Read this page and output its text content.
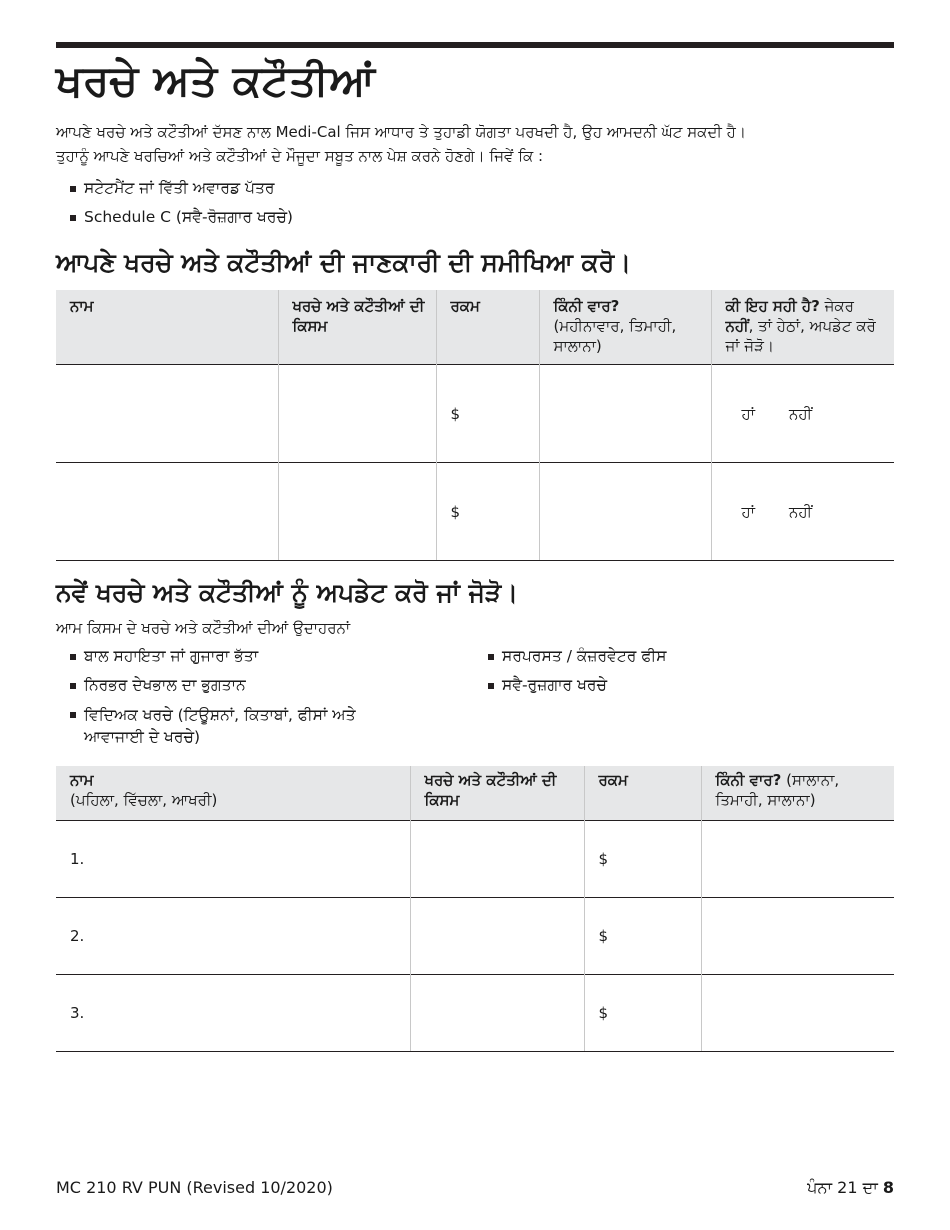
ਖਰਚੇ ਅਤੇ ਕਟੌਤੀਆਂ

ਆਪਣੇ ਖਰਚੇ ਅਤੇ ਕਟੌਤੀਆਂ ਦੱਸਣ ਨਾਲ Medi-Cal ਜਿਸ ਆਧਾਰ ਤੇ ਤੁਹਾਡੀ ਯੋਗਤਾ ਪਰਖਦੀ ਹੈ, ਉਹ ਆਮਦਨੀ ਘੱਟ ਸਕਦੀ ਹੈ।

ਤੁਹਾਨੂੰ ਆਪਣੇ ਖਰਚਿਆਂ ਅਤੇ ਕਟੌਤੀਆਂ ਦੇ ਮੌਜੂਦਾ ਸਬੂਤ ਨਾਲ ਪੇਸ਼ ਕਰਨੇ ਹੋਣਗੇ। ਜਿਵੇਂ ਕਿ :

ਸਟੇਟਮੈਂਟ ਜਾਂ ਵਿੱਤੀ ਅਵਾਰਡ ਪੱਤਰ
Schedule C (ਸਵੈ-ਰੋਜ਼ਗਾਰ ਖਰਚੇ)
ਆਪਣੇ ਖਰਚੇ ਅਤੇ ਕਟੌਤੀਆਂ ਦੀ ਜਾਣਕਾਰੀ ਦੀ ਸਮੀਖਿਆ ਕਰੋ।
ਨਾਮ	ਖਰਚੇ ਅਤੇ ਕਟੌਤੀਆਂ ਦੀ ਕਿਸਮ	ਰਕਮ	ਕਿੰਨੀ ਵਾਰ?
(ਮਹੀਨਾਵਾਰ, ਤਿਮਾਹੀ, ਸਾਲਾਨਾ)	ਕੀ ਇਹ ਸਹੀ ਹੈ? ਜੇਕਰ ਨਹੀਂ, ਤਾਂ ਹੇਠਾਂ, ਅਪਡੇਟ ਕਰੋ ਜਾਂ ਜੋੜੋ।
		$		ਹਾਂ ਨਹੀਂ
		$		ਹਾਂ ਨਹੀਂ
ਨਵੇਂ ਖਰਚੇ ਅਤੇ ਕਟੌਤੀਆਂ ਨੂੰ ਅਪਡੇਟ ਕਰੋ ਜਾਂ ਜੋੜੋ।
ਆਮ ਕਿਸਮ ਦੇ ਖਰਚੇ ਅਤੇ ਕਟੌਤੀਆਂ ਦੀਆਂ ਉਦਾਹਰਨਾਂ
ਬਾਲ ਸਹਾਇਤਾ ਜਾਂ ਗੁਜਾਰਾ ਭੱਤਾ
ਨਿਰਭਰ ਦੇਖਭਾਲ ਦਾ ਭੁਗਤਾਨ
ਵਿਦਿਅਕ ਖਰਚੇ (ਟਿਊਸ਼ਨਾਂ, ਕਿਤਾਬਾਂ, ਫੀਸਾਂ ਅਤੇ ਆਵਾਜਾਈ ਦੇ ਖਰਚੇ)
ਸਰਪਰਸਤ / ਕੰਜ਼ਰਵੇਟਰ ਫੀਸ
ਸਵੈ-ਰੁਜ਼ਗਾਰ ਖਰਚੇ
ਨਾਮ
(ਪਹਿਲਾ, ਵਿੱਚਲਾ, ਆਖਰੀ)	ਖਰਚੇ ਅਤੇ ਕਟੌਤੀਆਂ ਦੀ ਕਿਸਮ	ਰਕਮ	ਕਿੰਨੀ ਵਾਰ? (ਸਾਲਾਨਾ, ਤਿਮਾਹੀ, ਸਾਲਾਨਾ)
1.		$	
2.		$	
3.		$	
MC 210 RV PUN (Revised 10/2020)	ਪੰਨਾ 21 ਦਾ 8
